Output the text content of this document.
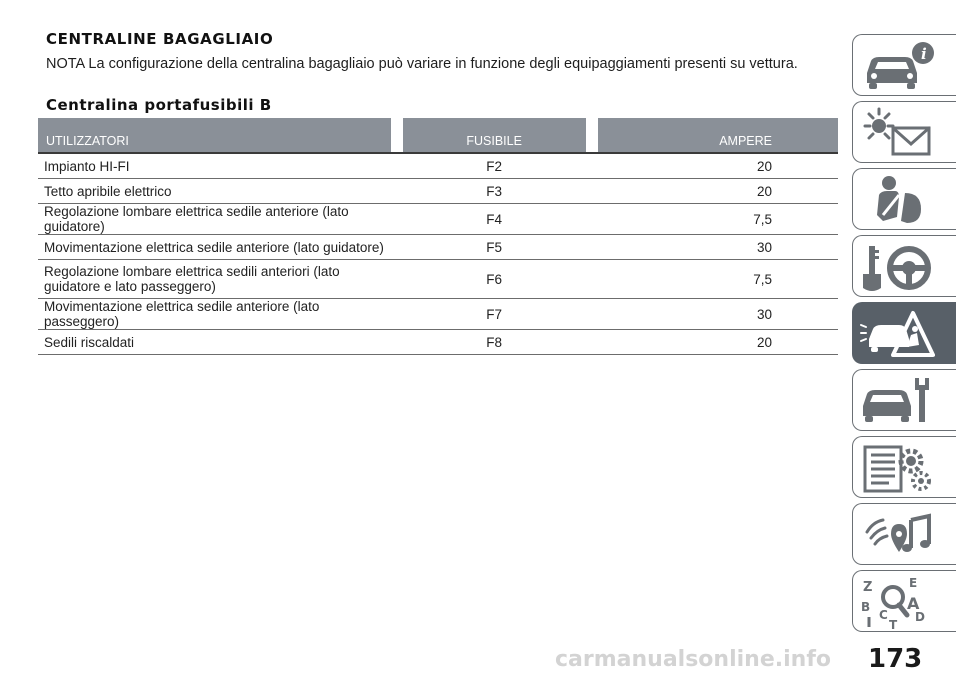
CENTRALINE BAGAGLIAIO

NOTA La configurazione della centralina bagagliaio può variare in funzione degli equipaggiamenti presenti su vettura.

Centralina portafusibili B
UTILIZZATORI		FUSIBILE		AMPERE
Impianto HI-FI		F2		20
Tetto apribile elettrico		F3		20
Regolazione lombare elettrica sedile anteriore (lato guidatore)		F4		7,5
Movimentazione elettrica sedile anteriore (lato guidatore)		F5		30
Regolazione lombare elettrica sedili anteriori (lato guidatore e lato passeggero)		F6		7,5
Movimentazione elettrica sedile anteriore (lato passeggero)		F7		30
Sedili riscaldati		F8		20
i
Z	E
B A
C D
T

carmanualsonline.info 173
